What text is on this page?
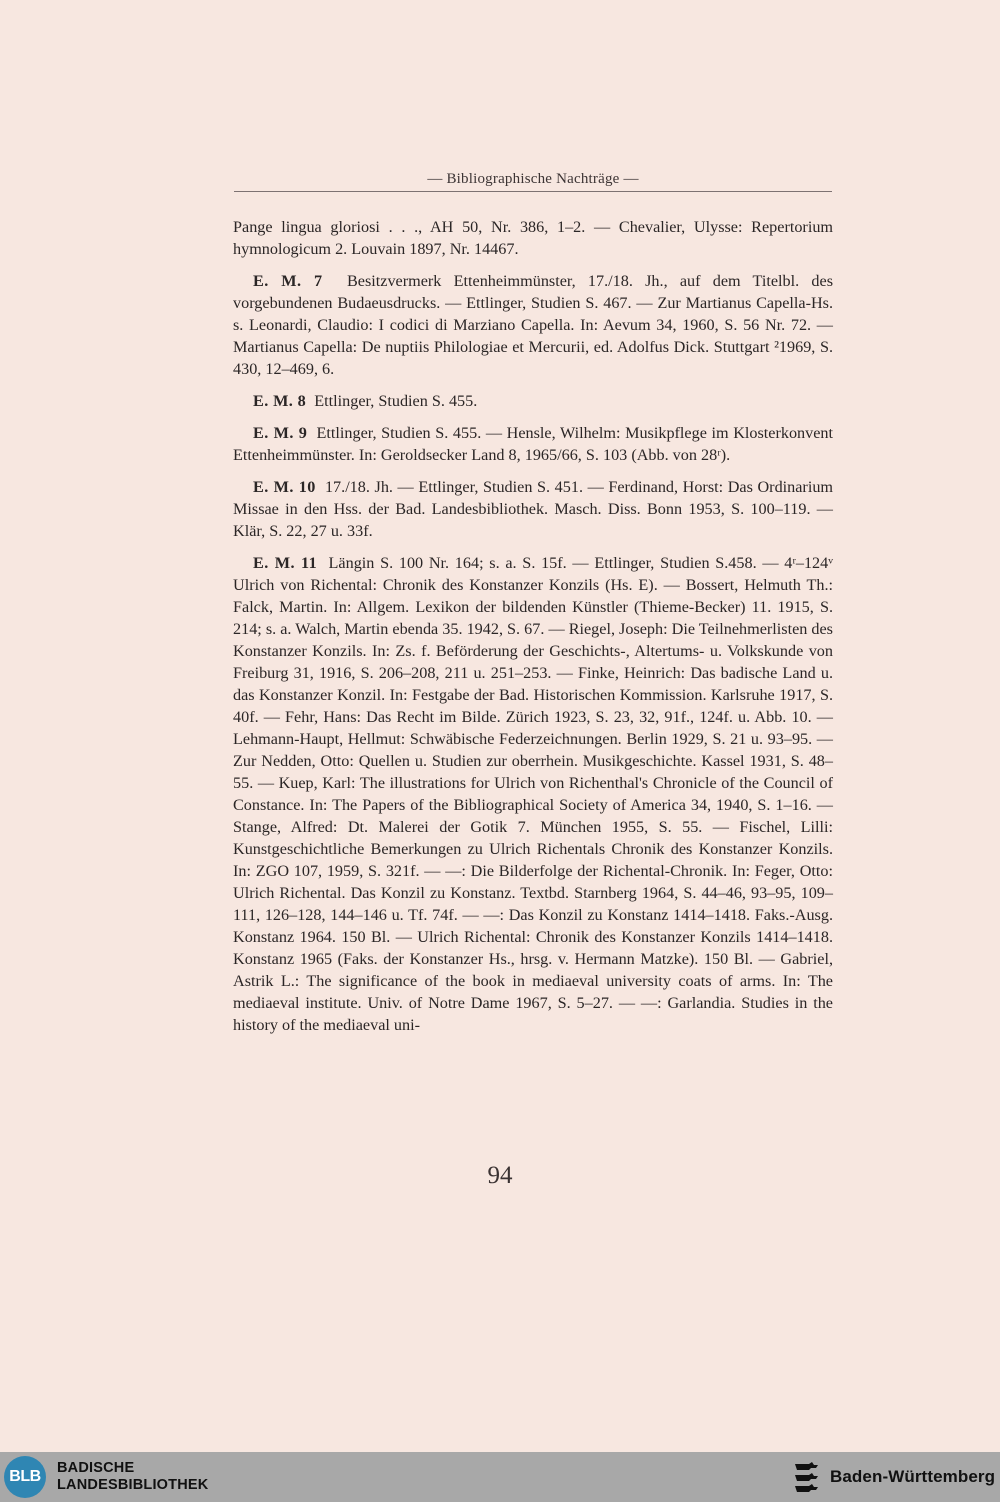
— Bibliographische Nachträge —

Pange lingua gloriosi . . ., AH 50, Nr. 386, 1–2. — Chevalier, Ulysse: Repertorium hymnologicum 2. Louvain 1897, Nr. 14467.

E. M. 7 Besitzvermerk Ettenheimmünster, 17./18. Jh., auf dem Titelbl. des vorgebundenen Budaeusdrucks. — Ettlinger, Studien S. 467. — Zur Martianus Capella-Hs. s. Leonardi, Claudio: I codici di Marziano Capella. In: Aevum 34, 1960, S. 56 Nr. 72. — Martianus Capella: De nuptiis Philologiae et Mercurii, ed. Adolfus Dick. Stuttgart ²1969, S. 430, 12–469, 6.

E. M. 8 Ettlinger, Studien S. 455.

E. M. 9 Ettlinger, Studien S. 455. — Hensle, Wilhelm: Musikpflege im Klosterkonvent Ettenheimmünster. In: Geroldsecker Land 8, 1965/66, S. 103 (Abb. von 28ʳ).

E. M. 10 17./18. Jh. — Ettlinger, Studien S. 451. — Ferdinand, Horst: Das Ordinarium Missae in den Hss. der Bad. Landesbibliothek. Masch. Diss. Bonn 1953, S. 100–119. — Klär, S. 22, 27 u. 33f.

E. M. 11 Längin S. 100 Nr. 164; s. a. S. 15f. — Ettlinger, Studien S.458. — 4ʳ–124ᵛ Ulrich von Richental: Chronik des Konstanzer Konzils (Hs. E). — Bossert, Helmuth Th.: Falck, Martin. In: Allgem. Lexikon der bildenden Künstler (Thieme-Becker) 11. 1915, S. 214; s. a. Walch, Martin ebenda 35. 1942, S. 67. — Riegel, Joseph: Die Teilnehmerlisten des Konstanzer Konzils. In: Zs. f. Beförderung der Geschichts-, Altertums- u. Volkskunde von Freiburg 31, 1916, S. 206–208, 211 u. 251–253. — Finke, Heinrich: Das badische Land u. das Konstanzer Konzil. In: Festgabe der Bad. Historischen Kommission. Karlsruhe 1917, S. 40f. — Fehr, Hans: Das Recht im Bilde. Zürich 1923, S. 23, 32, 91f., 124f. u. Abb. 10. — Lehmann-Haupt, Hellmut: Schwäbische Federzeichnungen. Berlin 1929, S. 21 u. 93–95. — Zur Nedden, Otto: Quellen u. Studien zur oberrhein. Musikgeschichte. Kassel 1931, S. 48–55. — Kuep, Karl: The illustrations for Ulrich von Richenthal's Chronicle of the Council of Constance. In: The Papers of the Bibliographical Society of America 34, 1940, S. 1–16. — Stange, Alfred: Dt. Malerei der Gotik 7. München 1955, S. 55. — Fischel, Lilli: Kunstgeschichtliche Bemerkungen zu Ulrich Richentals Chronik des Konstanzer Konzils. In: ZGO 107, 1959, S. 321f. — —: Die Bilderfolge der Richental-Chronik. In: Feger, Otto: Ulrich Richental. Das Konzil zu Konstanz. Textbd. Starnberg 1964, S. 44–46, 93–95, 109–111, 126–128, 144–146 u. Tf. 74f. — —: Das Konzil zu Konstanz 1414–1418. Faks.-Ausg. Konstanz 1964. 150 Bl. — Ulrich Richental: Chronik des Konstanzer Konzils 1414–1418. Konstanz 1965 (Faks. der Konstanzer Hs., hrsg. v. Hermann Matzke). 150 Bl. — Gabriel, Astrik L.: The significance of the book in mediaeval university coats of arms. In: The mediaeval institute. Univ. of Notre Dame 1967, S. 5–27. — —: Garlandia. Studies in the history of the mediaeval uni-

94
BLB	BADISCHE
LANDESBIBLIOTHEK	Baden-Württemberg
